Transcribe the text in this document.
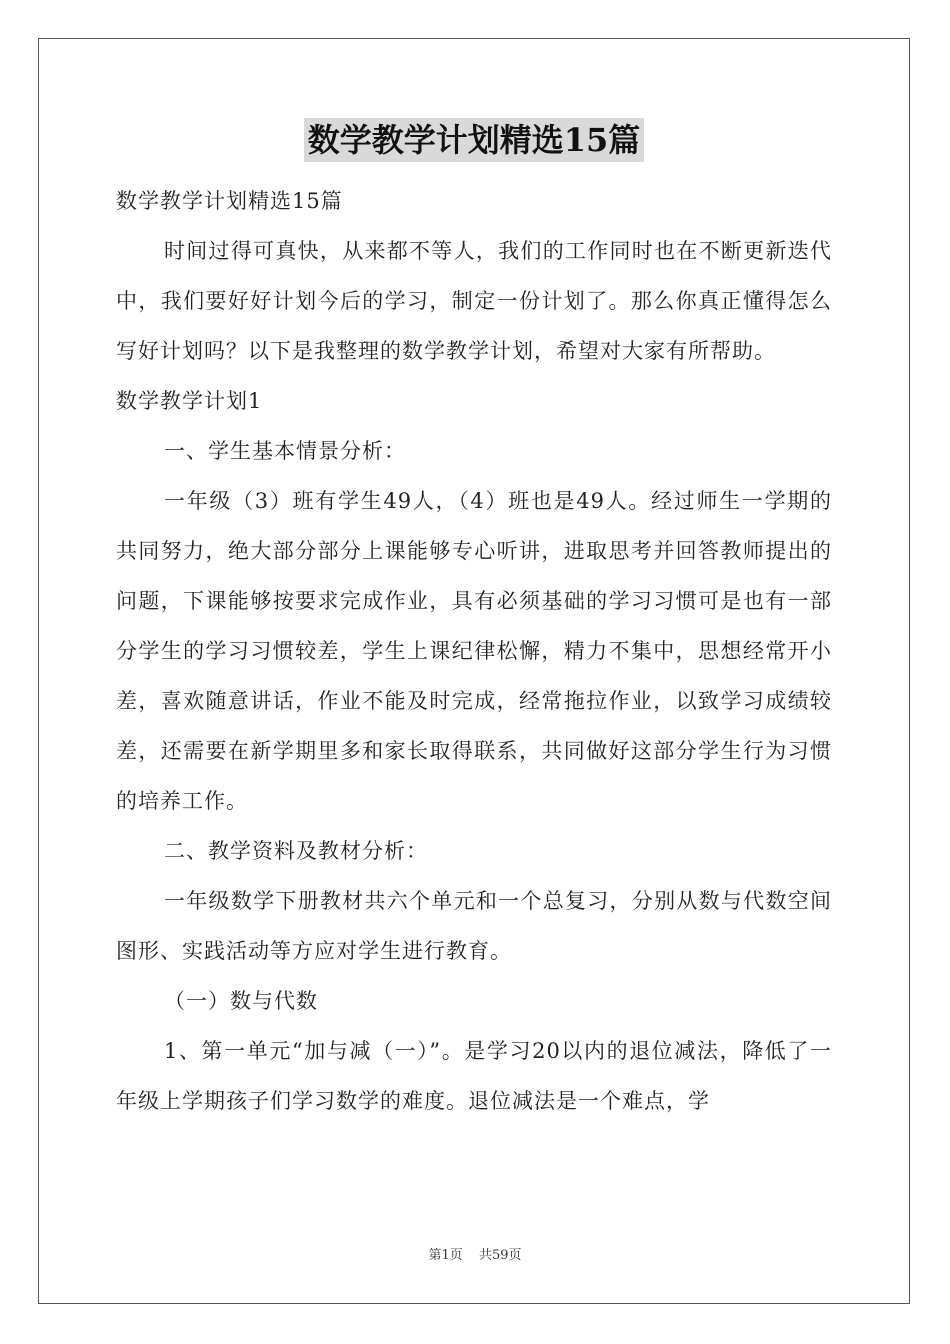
数学教学计划精选15篇

数学教学计划精选15篇

时间过得可真快，从来都不等人，我们的工作同时也在不断更新迭代中，我们要好好计划今后的学习，制定一份计划了。那么你真正懂得怎么写好计划吗？以下是我整理的数学教学计划，希望对大家有所帮助。

数学教学计划1

一、学生基本情景分析：

一年级（3）班有学生49人，（4）班也是49人。经过师生一学期的共同努力，绝大部分部分上课能够专心听讲，进取思考并回答教师提出的问题，下课能够按要求完成作业，具有必须基础的学习习惯可是也有一部分学生的学习习惯较差，学生上课纪律松懈，精力不集中，思想经常开小差，喜欢随意讲话，作业不能及时完成，经常拖拉作业，以致学习成绩较差，还需要在新学期里多和家长取得联系，共同做好这部分学生行为习惯的培养工作。

二、教学资料及教材分析：

一年级数学下册教材共六个单元和一个总复习，分别从数与代数空间图形、实践活动等方应对学生进行教育。

（一）数与代数

1、第一单元“加与减（一）”。是学习20以内的退位减法，降低了一年级上学期孩子们学习数学的难度。退位减法是一个难点，学

第1页 共59页
